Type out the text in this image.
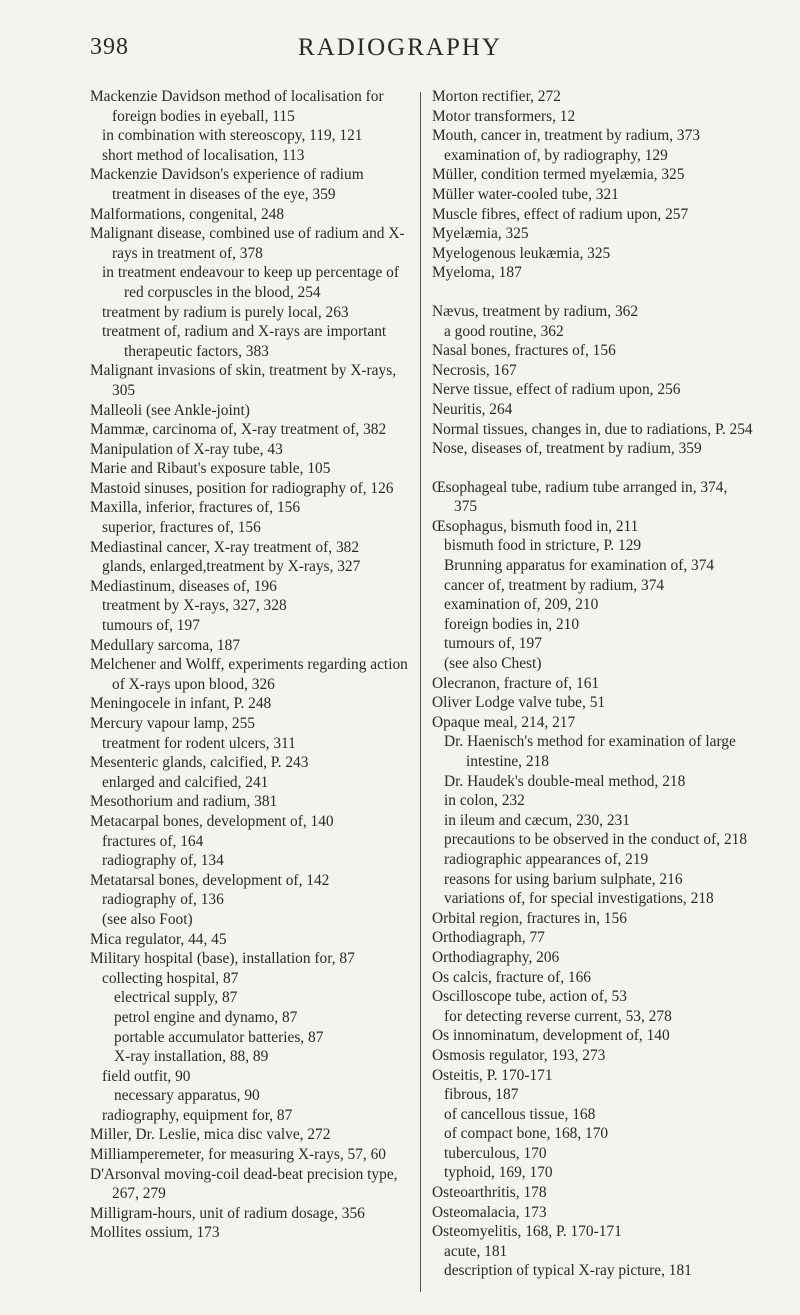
398	RADIOGRAPHY

Mackenzie Davidson method of localisation for foreign bodies in eyeball, 115

in combination with stereoscopy, 119, 121

short method of localisation, 113

Mackenzie Davidson's experience of radium treatment in diseases of the eye, 359

Malformations, congenital, 248

Malignant disease, combined use of radium and X-rays in treatment of, 378

in treatment endeavour to keep up percentage of red corpuscles in the blood, 254

treatment by radium is purely local, 263

treatment of, radium and X-rays are important therapeutic factors, 383

Malignant invasions of skin, treatment by X-rays, 305

Malleoli (see Ankle-joint)

Mammæ, carcinoma of, X-ray treatment of, 382

Manipulation of X-ray tube, 43

Marie and Ribaut's exposure table, 105

Mastoid sinuses, position for radiography of, 126

Maxilla, inferior, fractures of, 156

superior, fractures of, 156

Mediastinal cancer, X-ray treatment of, 382

glands, enlarged,treatment by X-rays, 327

Mediastinum, diseases of, 196

treatment by X-rays, 327, 328

tumours of, 197

Medullary sarcoma, 187

Melchener and Wolff, experiments regarding action of X-rays upon blood, 326

Meningocele in infant, P. 248

Mercury vapour lamp, 255

treatment for rodent ulcers, 311

Mesenteric glands, calcified, P. 243

enlarged and calcified, 241

Mesothorium and radium, 381

Metacarpal bones, development of, 140

fractures of, 164

radiography of, 134

Metatarsal bones, development of, 142

radiography of, 136

(see also Foot)

Mica regulator, 44, 45

Military hospital (base), installation for, 87

collecting hospital, 87

electrical supply, 87

petrol engine and dynamo, 87

portable accumulator batteries, 87

X-ray installation, 88, 89

field outfit, 90

necessary apparatus, 90

radiography, equipment for, 87

Miller, Dr. Leslie, mica disc valve, 272

Milliamperemeter, for measuring X-rays, 57, 60

D'Arsonval moving-coil dead-beat precision type, 267, 279

Milligram-hours, unit of radium dosage, 356

Mollites ossium, 173

Morton rectifier, 272

Motor transformers, 12

Mouth, cancer in, treatment by radium, 373

examination of, by radiography, 129

Müller, condition termed myelæmia, 325

Müller water-cooled tube, 321

Muscle fibres, effect of radium upon, 257

Myelæmia, 325

Myelogenous leukæmia, 325

Myeloma, 187

Nævus, treatment by radium, 362

a good routine, 362

Nasal bones, fractures of, 156

Necrosis, 167

Nerve tissue, effect of radium upon, 256

Neuritis, 264

Normal tissues, changes in, due to radiations, P. 254

Nose, diseases of, treatment by radium, 359

Œsophageal tube, radium tube arranged in, 374, 375

Œsophagus, bismuth food in, 211

bismuth food in stricture, P. 129

Brunning apparatus for examination of, 374

cancer of, treatment by radium, 374

examination of, 209, 210

foreign bodies in, 210

tumours of, 197

(see also Chest)

Olecranon, fracture of, 161

Oliver Lodge valve tube, 51

Opaque meal, 214, 217

Dr. Haenisch's method for examination of large intestine, 218

Dr. Haudek's double-meal method, 218

in colon, 232

in ileum and cæcum, 230, 231

precautions to be observed in the conduct of, 218

radiographic appearances of, 219

reasons for using barium sulphate, 216

variations of, for special investigations, 218

Orbital region, fractures in, 156

Orthodiagraph, 77

Orthodiagraphy, 206

Os calcis, fracture of, 166

Oscilloscope tube, action of, 53

for detecting reverse current, 53, 278

Os innominatum, development of, 140

Osmosis regulator, 193, 273

Osteitis, P. 170-171

fibrous, 187

of cancellous tissue, 168

of compact bone, 168, 170

tuberculous, 170

typhoid, 169, 170

Osteoarthritis, 178

Osteomalacia, 173

Osteomyelitis, 168, P. 170-171

acute, 181

description of typical X-ray picture, 181
